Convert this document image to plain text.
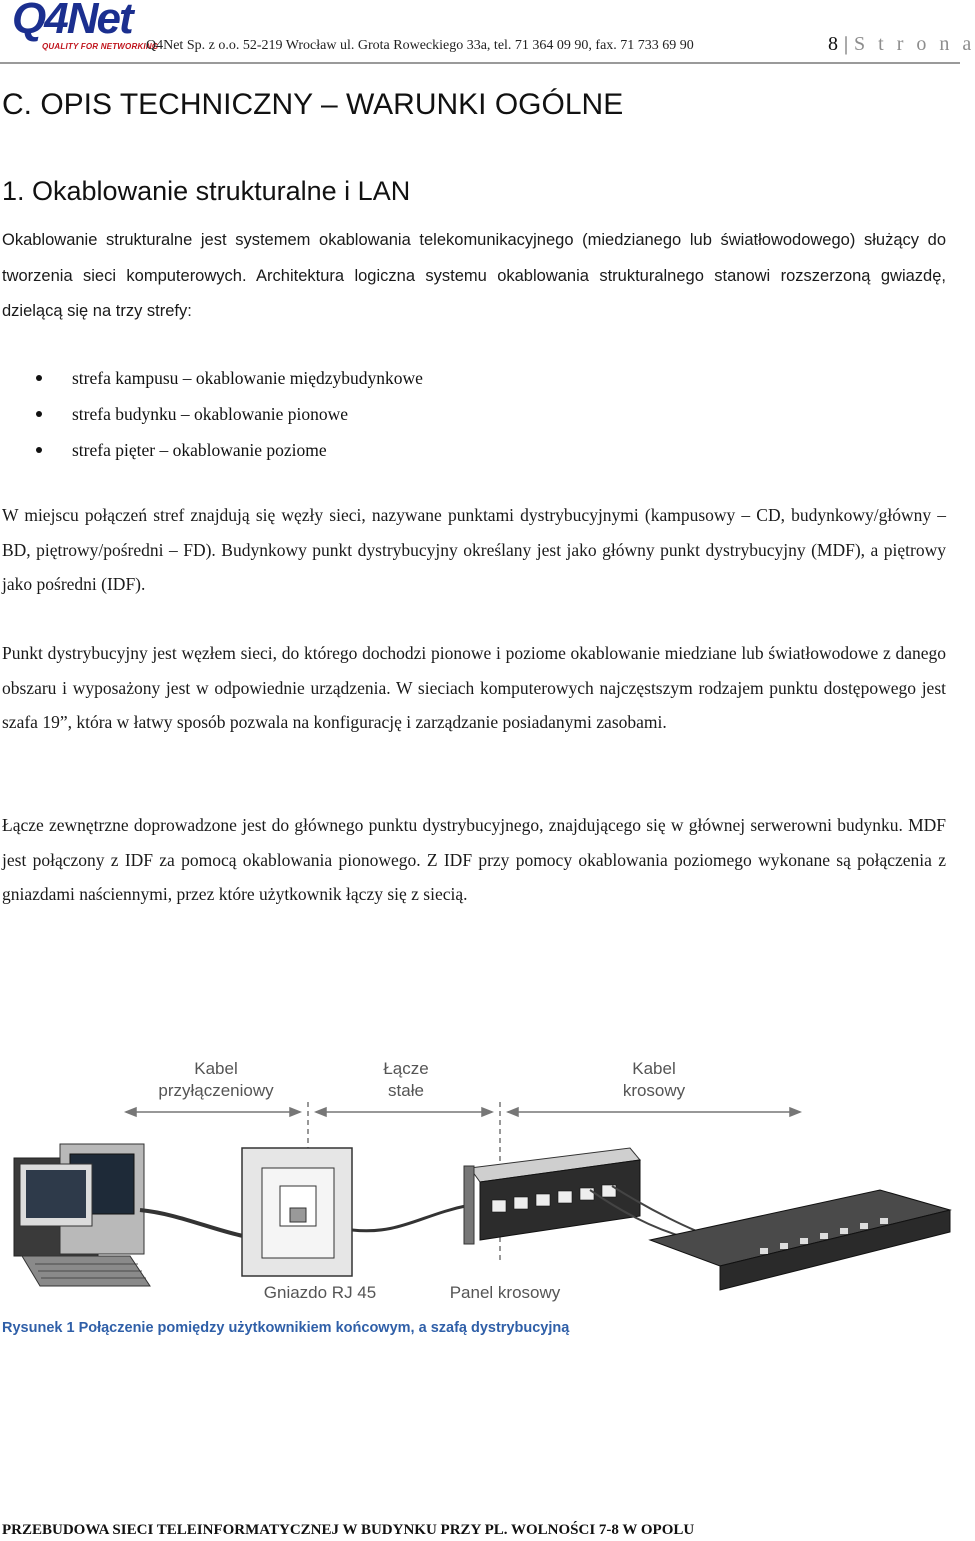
Q4Net
QUALITY FOR NETWORKING
Q4Net Sp. z o.o. 52-219 Wrocław ul. Grota Roweckiego 33a, tel. 71 364 09 90, fax. 71 733 69 90	8 | S t r o n a
C. OPIS TECHNICZNY – WARUNKI OGÓLNE
1. Okablowanie strukturalne i LAN

Okablowanie strukturalne jest systemem okablowania telekomunikacyjnego (miedzianego lub światłowodowego) służący do tworzenia sieci komputerowych. Architektura logiczna systemu okablowania strukturalnego stanowi rozszerzoną gwiazdę, dzielącą się na trzy strefy:

strefa kampusu – okablowanie międzybudynkowe
strefa budynku – okablowanie pionowe
strefa pięter – okablowanie poziome

W miejscu połączeń stref znajdują się węzły sieci, nazywane punktami dystrybucyjnymi (kampusowy – CD, budynkowy/główny – BD, piętrowy/pośredni – FD). Budynkowy punkt dystrybucyjny określany jest jako główny punkt dystrybucyjny (MDF), a piętrowy jako pośredni (IDF).

Punkt dystrybucyjny jest węzłem sieci, do którego dochodzi pionowe i poziome okablowanie miedziane lub światłowodowe z danego obszaru i wyposażony jest w odpowiednie urządzenia. W sieciach komputerowych najczęstszym rodzajem punktu dostępowego jest szafa 19”, która w łatwy sposób pozwala na konfigurację i zarządzanie posiadanymi zasobami.

Łącze zewnętrzne doprowadzone jest do głównego punktu dystrybucyjnego, znajdującego się w głównej serwerowni budynku. MDF jest połączony z IDF za pomocą okablowania pionowego. Z IDF przy pomocy okablowania poziomego wykonane są połączenia z gniazdami naściennymi, przez które użytkownik łączy się z siecią.

Kabel
przyłączeniowy
Łącze
stałe
Kabel
krosowy
Gniazdo RJ 45	Panel krosowy
Rysunek 1 Połączenie pomiędzy użytkownikiem końcowym, a szafą dystrybucyjną
PRZEBUDOWA SIECI TELEINFORMATYCZNEJ W BUDYNKU PRZY PL. WOLNOŚCI 7-8 W OPOLU
